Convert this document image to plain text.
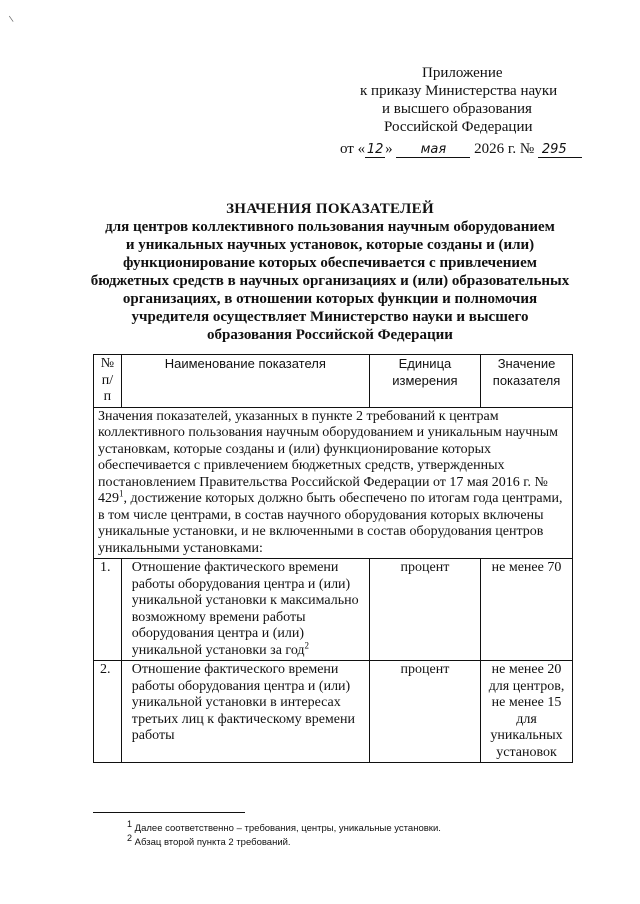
\
Приложение
к приказу Министерства науки
и высшего образования
Российской Федерации
от « 12 » мая 2026 г. № 295
ЗНАЧЕНИЯ ПОКАЗАТЕЛЕЙ
для центров коллективного пользования научным оборудованием
и уникальных научных установок, которые созданы и (или)
функционирование которых обеспечивается с привлечением
бюджетных средств в научных организациях и (или) образовательных
организациях, в отношении которых функции и полномочия
учредителя осуществляет Министерство науки и высшего
образования Российской Федерации
№ п/п	Наименование показателя	Единица измерения	Значение показателя
Значения показателей, указанных в пункте 2 требований к центрам коллективного пользования научным оборудованием и уникальным научным установкам, которые созданы и (или) функционирование которых обеспечивается с привлечением бюджетных средств, утвержденных постановлением Правительства Российской Федерации от 17 мая 2016 г. № $429^1$, достижение которых должно быть обеспечено по итогам года центрами, в том числе центрами, в состав научного оборудования которых включены уникальные установки, и не включенными в состав оборудования центров уникальными установками:			
1.	Отношение фактического времени работы оборудования центра и (или) уникальной установки к максимально возможному времени работы оборудования центра и (или) уникальной установки за год$^2$	процент	не менее 70
2.	Отношение фактического времени работы оборудования центра и (или) уникальной установки в интересах третьих лиц к фактическому времени работы	процент	не менее 20 для центров, не менее 15 для уникальных установок
$^1$ Далее соответственно – требования, центры, уникальные установки.
$^2$ Абзац второй пункта 2 требований.
